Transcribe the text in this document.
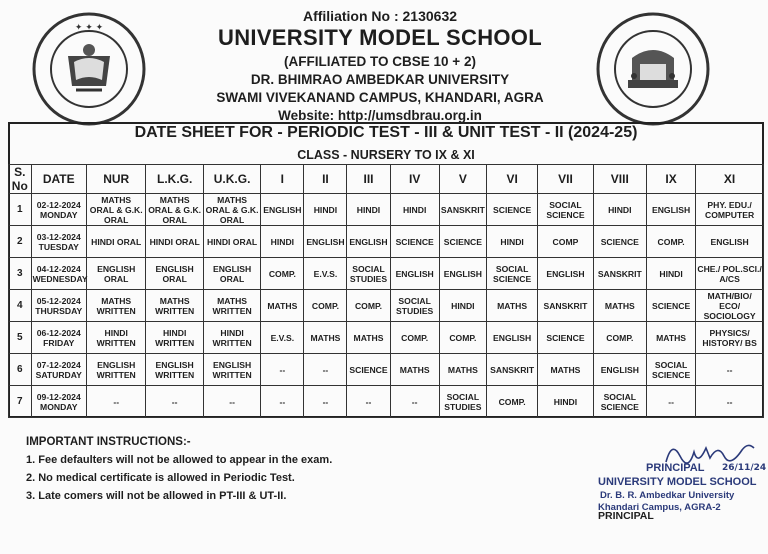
✦ ✦ ✦
Affiliation No : 2130632
UNIVERSITY MODEL SCHOOL
(AFFILIATED TO CBSE 10 + 2)
DR. BHIMRAO AMBEDKAR UNIVERSITY
SWAMI VIVEKANAND CAMPUS, KHANDARI, AGRA
Website: http://umsdbrau.org.in
DATE SHEET FOR - PERIODIC TEST - III & UNIT TEST - II (2024-25)
CLASS - NURSERY TO IX & XI
S. No	DATE	NUR	L.K.G.	U.K.G.	I	II	III	IV	V	VI	VII	VIII	IX	XI
1	02-12-2024 MONDAY	MATHS ORAL & G.K. ORAL	MATHS ORAL & G.K. ORAL	MATHS ORAL & G.K. ORAL	ENGLISH	HINDI	HINDI	HINDI	SANSKRIT	SCIENCE	SOCIAL SCIENCE	HINDI	ENGLISH	PHY. EDU./ COMPUTER
2	03-12-2024 TUESDAY	HINDI ORAL	HINDI ORAL	HINDI ORAL	HINDI	ENGLISH	ENGLISH	SCIENCE	SCIENCE	HINDI	COMP	SCIENCE	COMP.	ENGLISH
3	04-12-2024 WEDNESDAY	ENGLISH ORAL	ENGLISH ORAL	ENGLISH ORAL	COMP.	E.V.S.	SOCIAL STUDIES	ENGLISH	ENGLISH	SOCIAL SCIENCE	ENGLISH	SANSKRIT	HINDI	CHE./ POL.SCI./ A/CS
4	05-12-2024 THURSDAY	MATHS WRITTEN	MATHS WRITTEN	MATHS WRITTEN	MATHS	COMP.	COMP.	SOCIAL STUDIES	HINDI	MATHS	SANSKRIT	MATHS	SCIENCE	MATH/BIO/ ECO/ SOCIOLOGY
5	06-12-2024 FRIDAY	HINDI WRITTEN	HINDI WRITTEN	HINDI WRITTEN	E.V.S.	MATHS	MATHS	COMP.	COMP.	ENGLISH	SCIENCE	COMP.	MATHS	PHYSICS/ HISTORY/ BS
6	07-12-2024 SATURDAY	ENGLISH WRITTEN	ENGLISH WRITTEN	ENGLISH WRITTEN	--	--	SCIENCE	MATHS	MATHS	SANSKRIT	MATHS	ENGLISH	SOCIAL SCIENCE	--
7	09-12-2024 MONDAY	--	--	--	--	--	--	--	SOCIAL STUDIES	COMP.	HINDI	SOCIAL SCIENCE	--	--
IMPORTANT INSTRUCTIONS:-
1. Fee defaulters will not be allowed to appear in the exam.
2. No medical certificate is allowed in Periodic Test.
3. Late comers will not be allowed in PT-III & UT-II.
26/11/24
PRINCIPAL
UNIVERSITY MODEL SCHOOL
Dr. B. R. Ambedkar University
Khandari Campus, AGRA-2
PRINCIPAL
